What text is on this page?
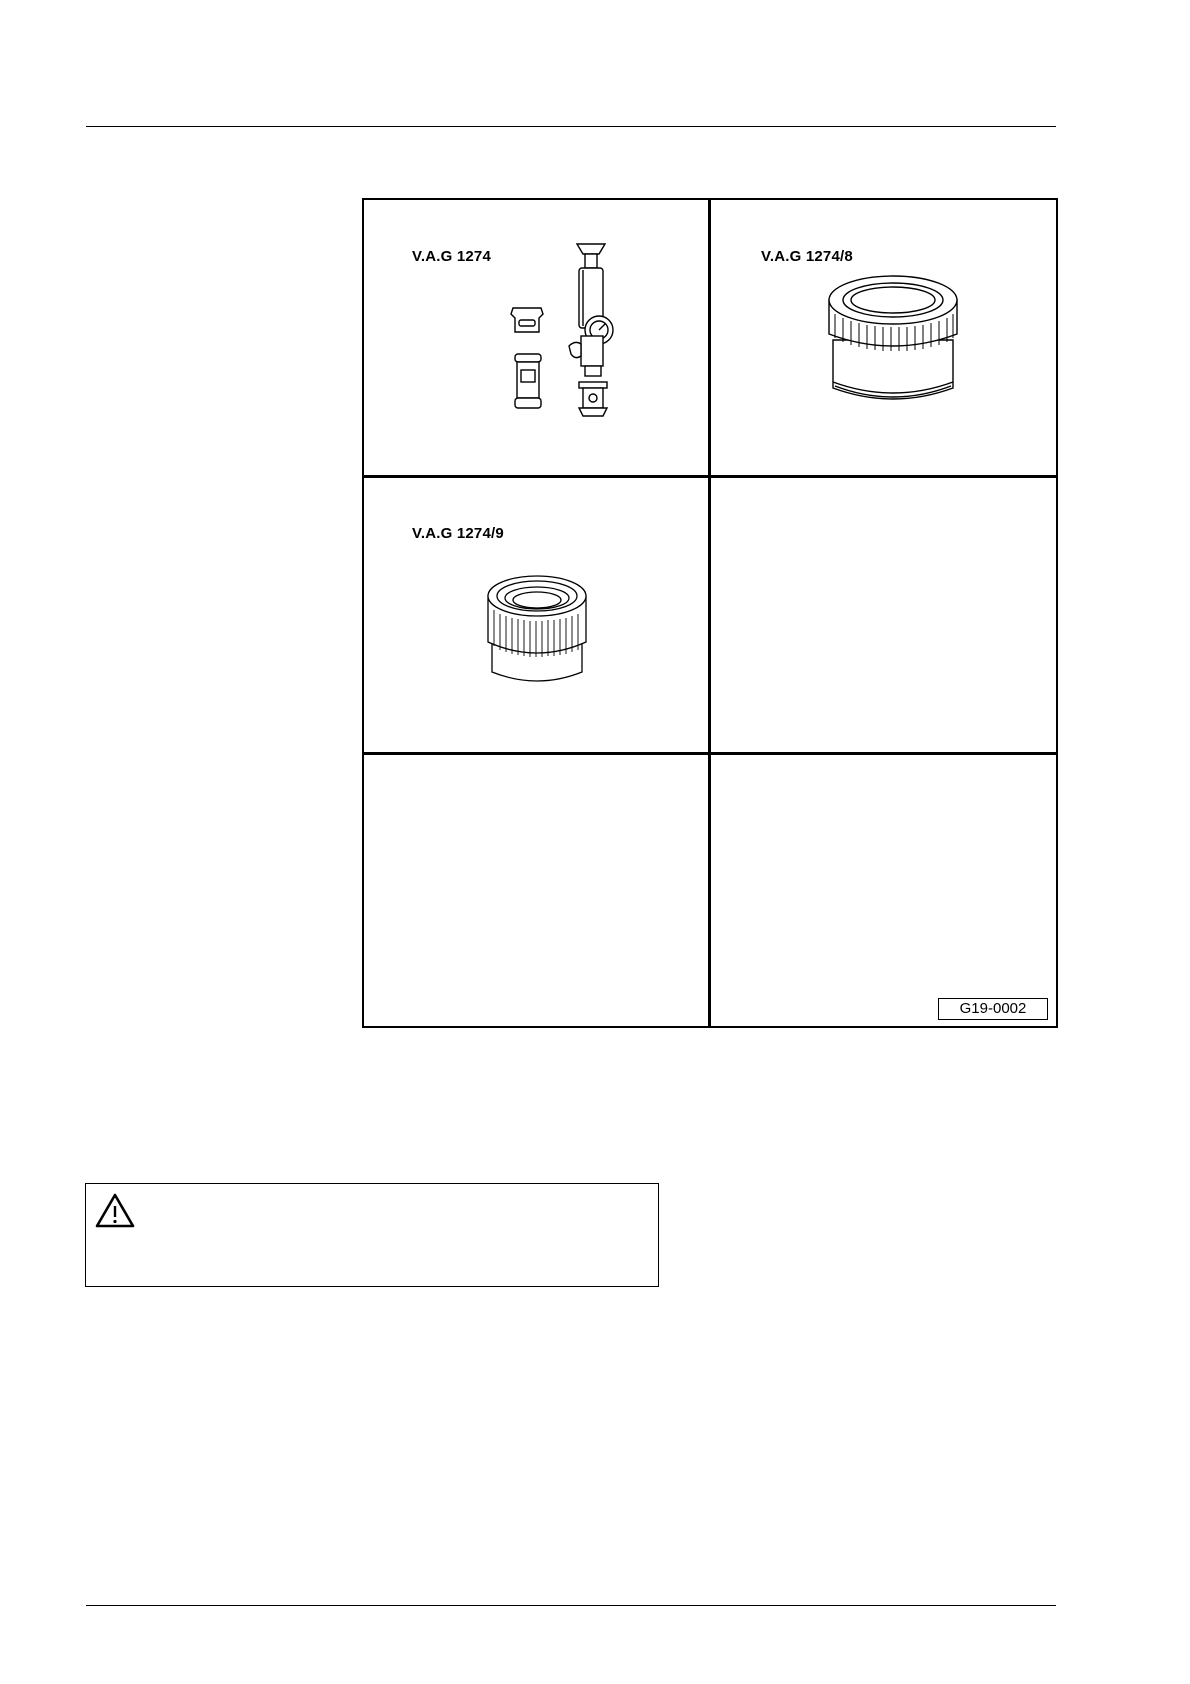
V.A.G 1274	V.A.G 1274/8
V.A.G 1274/9
G19-0002
